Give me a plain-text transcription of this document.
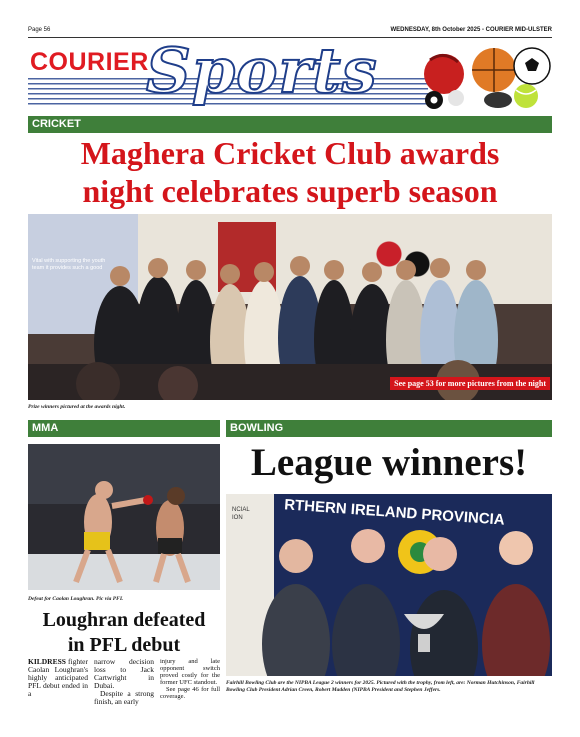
Page 56	WEDNESDAY, 8th October 2025 - COURIER MID-ULSTER
COURIER
Sports
CRICKET
Maghera Cricket Club awards
night celebrates superb season
Vital with supporting the youth
team it provides such a good
See page 53 for more pictures from the night
Prize winners pictured at the awards night.
MMA
Defeat for Caolan Loughran. Pic via PFL
Loughran defeated
in PFL debut
KILDRESS fighter Caolan Loughran's highly anticipated PFL debut ended in a
narrow decision loss to Jack Cartwright in Dubai.
Despite a strong finish, an early
injury and late opponent switch proved costly for the former UFC standout.
See page 46 for full coverage.
BOWLING
League winners!
NCIAL
ION	RTHERN IRELAND PROVINCIA
Fairhill Bowling Club are the NIPBA League 2 winners for 2025. Pictured with the trophy, from left, are: Norman Hutchinson, Fairhill Bowling Club President Adrian Creen, Robert Madden (NIPBA President and Stephen Jeffers.
